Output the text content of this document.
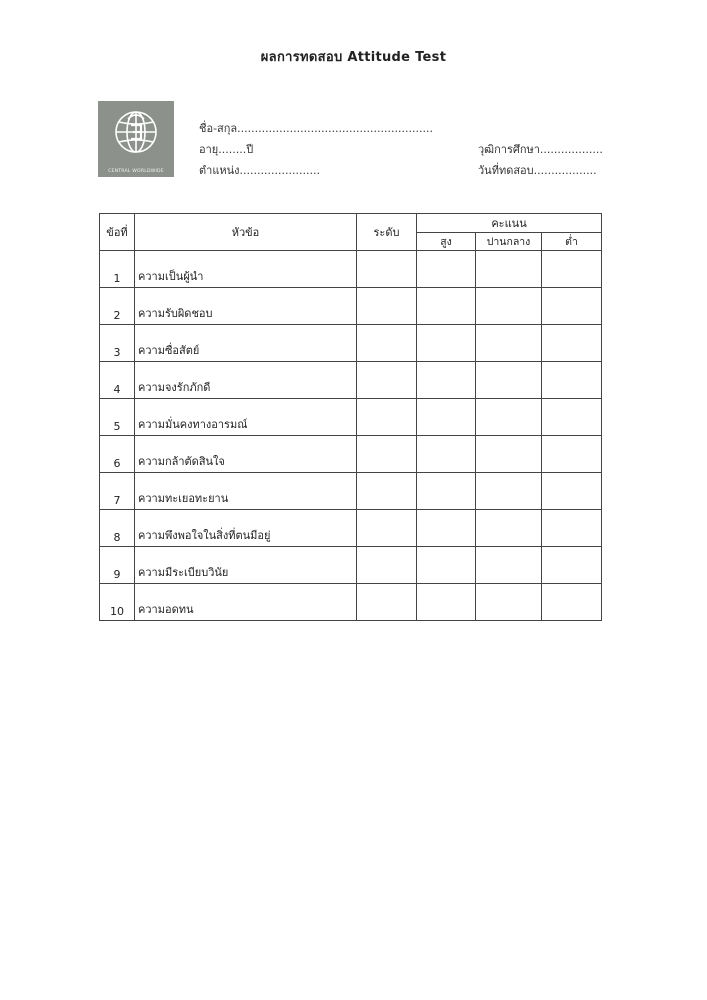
ผลการทดสอบ Attitude Test
CENTRAL WORLDWIDE
ชื่อ-สกุล........................................................
อายุ........ปี
ตำแหน่ง.......................
วุฒิการศึกษา..................
วันที่ทดสอบ..................
ข้อที่	หัวข้อ	ระดับ	คะแนน		
			สูง	ปานกลาง	ต่ำ
1	ความเป็นผู้นำ				
2	ความรับผิดชอบ				
3	ความซื่อสัตย์				
4	ความจงรักภักดี				
5	ความมั่นคงทางอารมณ์				
6	ความกล้าตัดสินใจ				
7	ความทะเยอทะยาน				
8	ความพึงพอใจในสิ่งที่ตนมีอยู่				
9	ความมีระเบียบวินัย				
10	ความอดทน				
